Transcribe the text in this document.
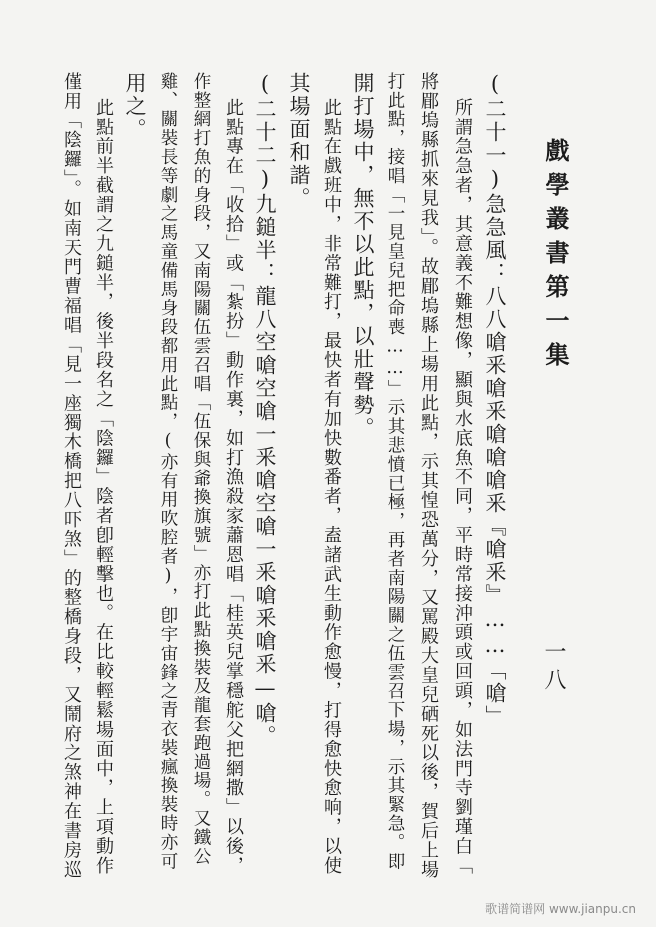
戲學叢書第一集
一八
(二十一)急急風：八八嗆釆嗆釆嗆嗆嗆釆『嗆釆』……「嗆」
所謂急急者，其意義不難想像，顯與水底魚不同，平時常接沖頭或回頭，如法門寺劉瑾白「
將郿塢縣抓來見我」。故郿塢縣上場用此點，示其惶恐萬分，又罵殿大皇兒硒死以後，賀后上場
打此點，接唱「一見皇兒把命喪……」示其悲憤已極，再者南陽關之伍雲召下場，示其緊急。即
開打場中，無不以此點，以壯聲勢。
此點在戲班中，非常難打，最快者有加快數番者，盍諸武生動作愈慢，打得愈快愈响，以使
其場面和諧。
(二十二)九鎚半：龍八空嗆空嗆一釆嗆空嗆一釆嗆釆嗆釆—嗆。
此點專在「收拾」或「紮扮」動作裏，如打漁殺家蕭恩唱「桂英兒掌穩舵父把網撒」以後，
作整網打魚的身段，又南陽關伍雲召唱「伍保與爺換旗號」亦打此點換裝及龍套跑過場。又鐵公
雞、關裝長等劇之馬童備馬身段都用此點，(亦有用吹腔者)，卽宇宙鋒之青衣裝瘋換裝時亦可
用之。
此點前半截謂之九鎚半，後半段名之「陰鑼」陰者卽輕擊也。在比較輕鬆場面中，上項動作
僅用「陰鑼」。如南天門曹福唱「見一座獨木橋把八吓煞」的整橋身段，又鬧府之煞神在書房巡
歌谱简谱网 www.jianpu.cn
